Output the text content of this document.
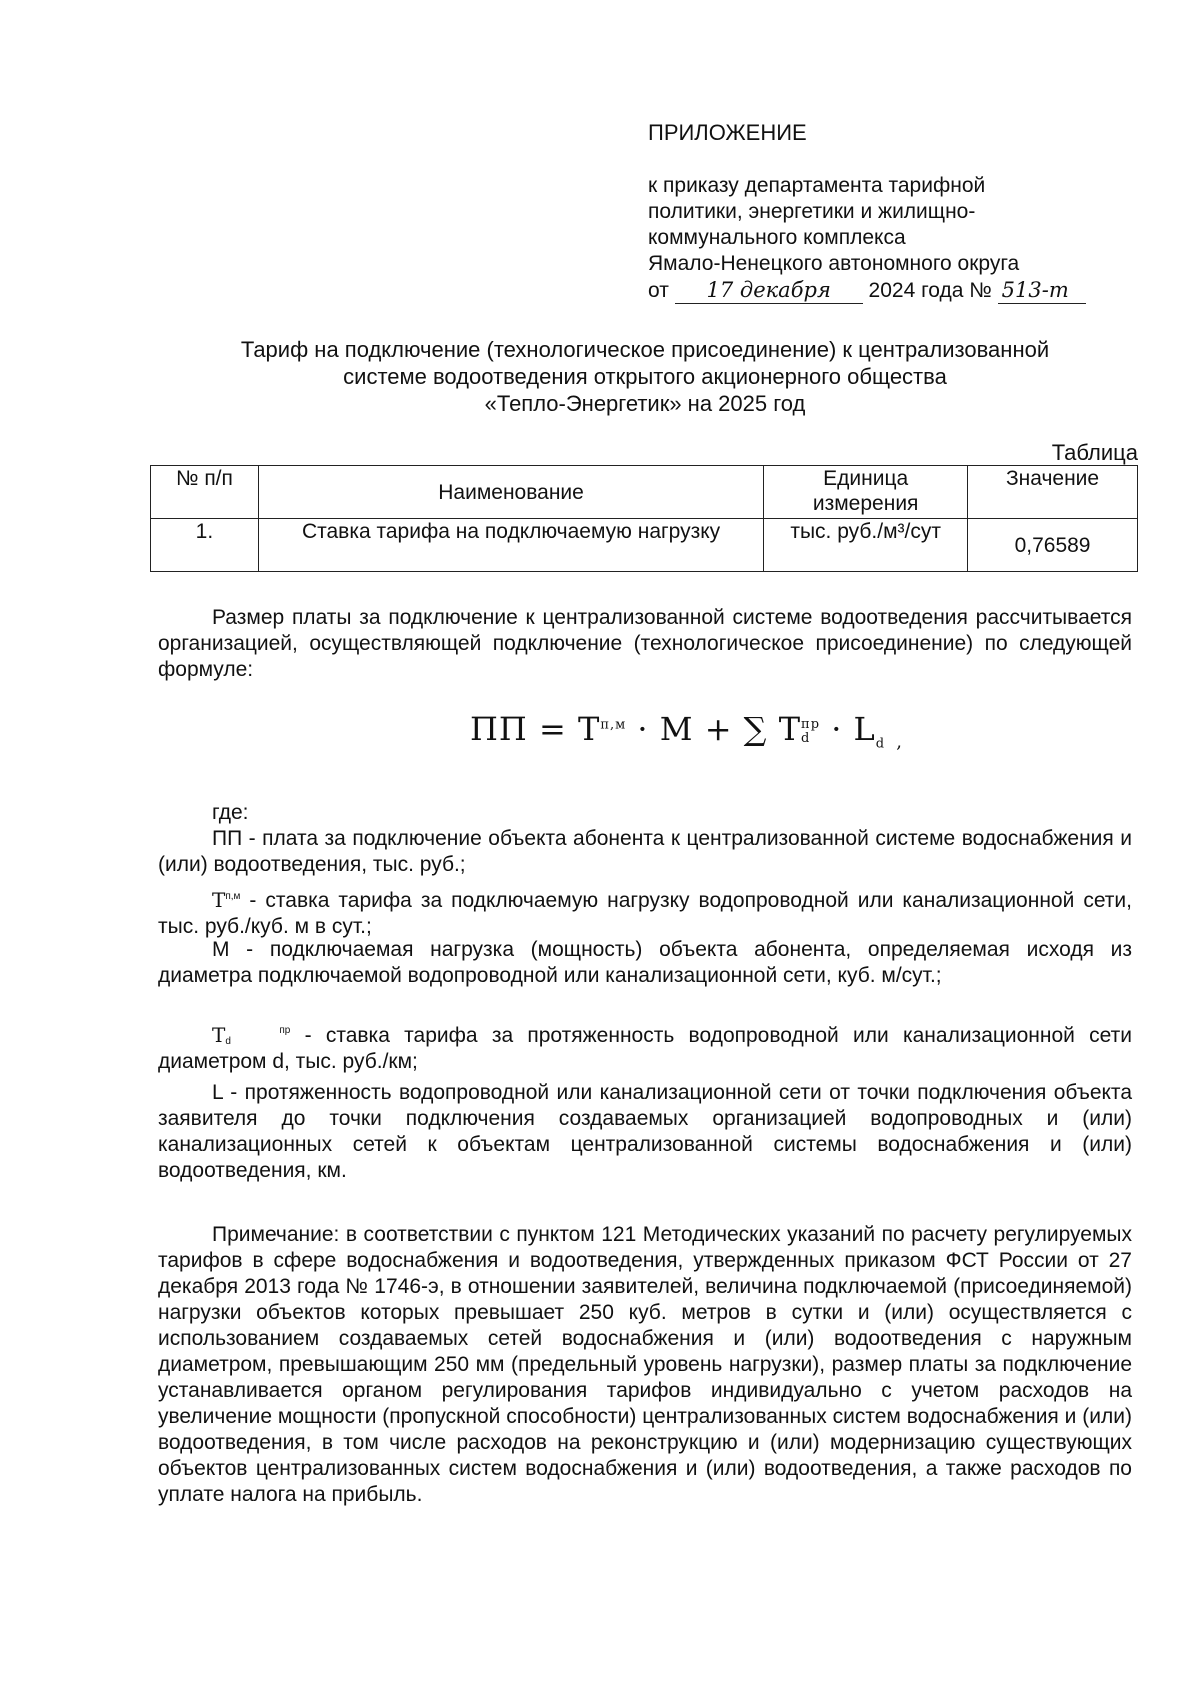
ПРИЛОЖЕНИЕ
к приказу департамента тарифной
политики, энергетики и жилищно-
коммунального комплекса
Ямало-Ненецкого автономного округа
от 17 декабря 2024 года № 513-т
Тариф на подключение (технологическое присоединение) к централизованной
системе водоотведения открытого акционерного общества
«Тепло-Энергетик» на 2025 год
Таблица
№ п/п	Наименование	Единица измерения	Значение
1.	Ставка тарифа на подключаемую нагрузку	тыс. руб./м³/сут	0,76589
Размер платы за подключение к централизованной системе водоотведения рассчитывается организацией, осуществляющей подключение (технологическое присоединение) по следующей формуле:
ПП = $Т^{п,м} \cdot M$ + ∑ Тпр
$d \cdot L_d$ $_,$
где:
ПП - плата за подключение объекта абонента к централизованной системе водоснабжения и (или) водоотведения, тыс. руб.;
$Т^{п,м}$ - ставка тарифа за подключаемую нагрузку водопроводной или канализационной сети, тыс. руб./куб. м в сут.;
М - подключаемая нагрузка (мощность) объекта абонента, определяемая исходя из диаметра подключаемой водопроводной или канализационной сети, куб. м/сут.;
Т	пр
d	- ставка тарифа за протяженность водопроводной или канализационной сети диаметром d, тыс. руб./км;
L - протяженность водопроводной или канализационной сети от точки подключения объекта заявителя до точки подключения создаваемых организацией водопроводных и (или) канализационных сетей к объектам централизованной системы водоснабжения и (или) водоотведения, км.
Примечание: в соответствии с пунктом 121 Методических указаний по расчету регулируемых тарифов в сфере водоснабжения и водоотведения, утвержденных приказом ФСТ России от 27 декабря 2013 года № 1746-э, в отношении заявителей, величина подключаемой (присоединяемой) нагрузки объектов которых превышает 250 куб. метров в сутки и (или) осуществляется с использованием создаваемых сетей водоснабжения и (или) водоотведения с наружным диаметром, превышающим 250 мм (предельный уровень нагрузки), размер платы за подключение устанавливается органом регулирования тарифов индивидуально с учетом расходов на увеличение мощности (пропускной способности) централизованных систем водоснабжения и (или) водоотведения, в том числе расходов на реконструкцию и (или) модернизацию существующих объектов централизованных систем водоснабжения и (или) водоотведения, а также расходов по уплате налога на прибыль.
